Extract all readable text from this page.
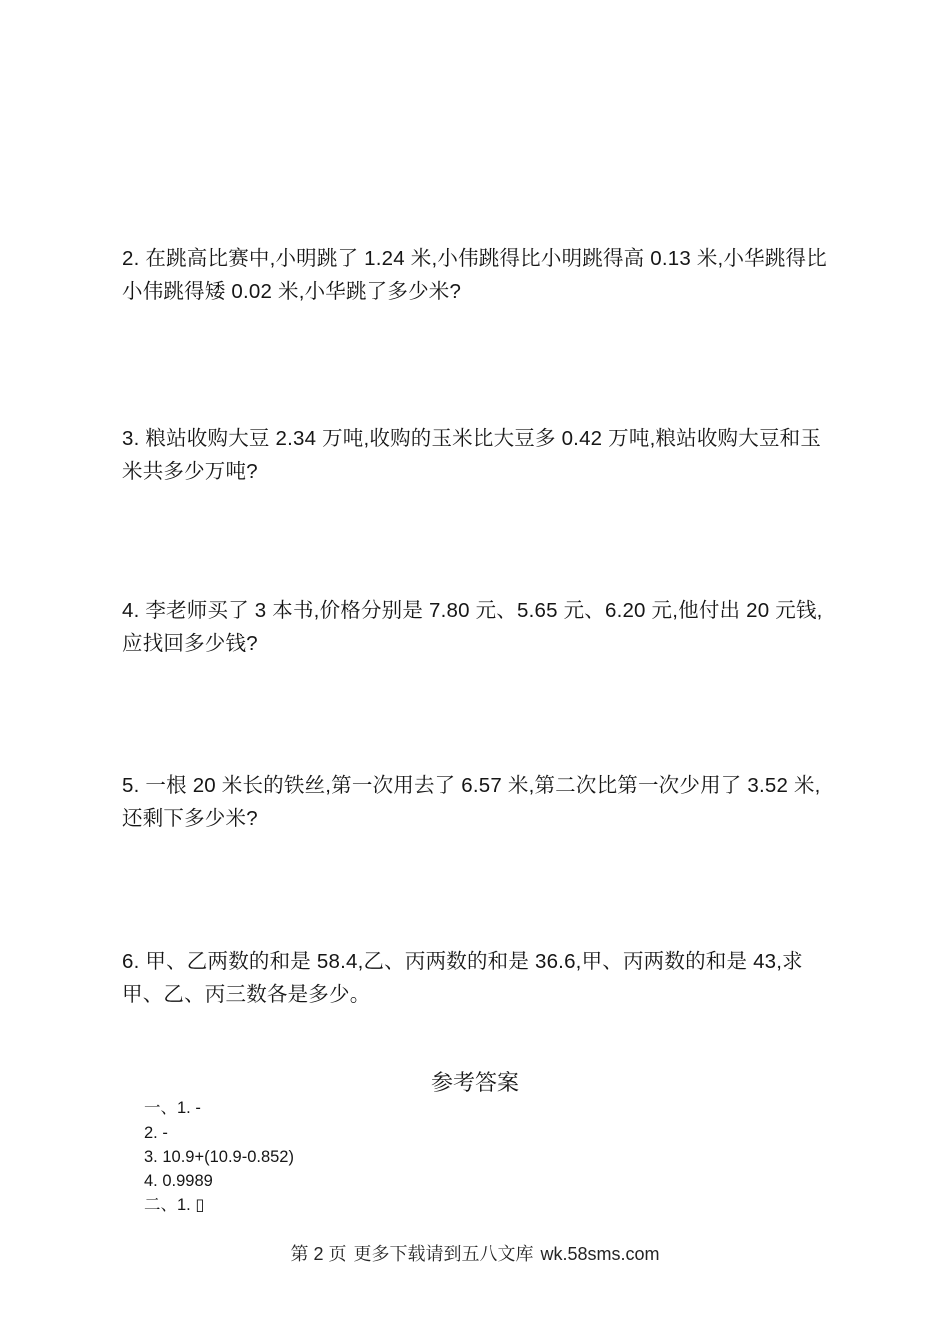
2. 在跳高比赛中,小明跳了 1.24 米,小伟跳得比小明跳得高 0.13 米,小华跳得比小伟跳得矮 0.02 米,小华跳了多少米?
3. 粮站收购大豆 2.34 万吨,收购的玉米比大豆多 0.42 万吨,粮站收购大豆和玉米共多少万吨?
4. 李老师买了 3 本书,价格分别是 7.80 元、5.65 元、6.20 元,他付出 20 元钱,应找回多少钱?
5. 一根 20 米长的铁丝,第一次用去了 6.57 米,第二次比第一次少用了 3.52 米,还剩下多少米?
6. 甲、乙两数的和是 58.4,乙、丙两数的和是 36.6,甲、丙两数的和是 43,求甲、乙、丙三数各是多少。
参考答案
一、1. -
2. -
3. 10.9+(10.9-0.852)
4. 0.9989
二、1. ▯
第 2 页 更多下载请到五八文库 wk.58sms.com
